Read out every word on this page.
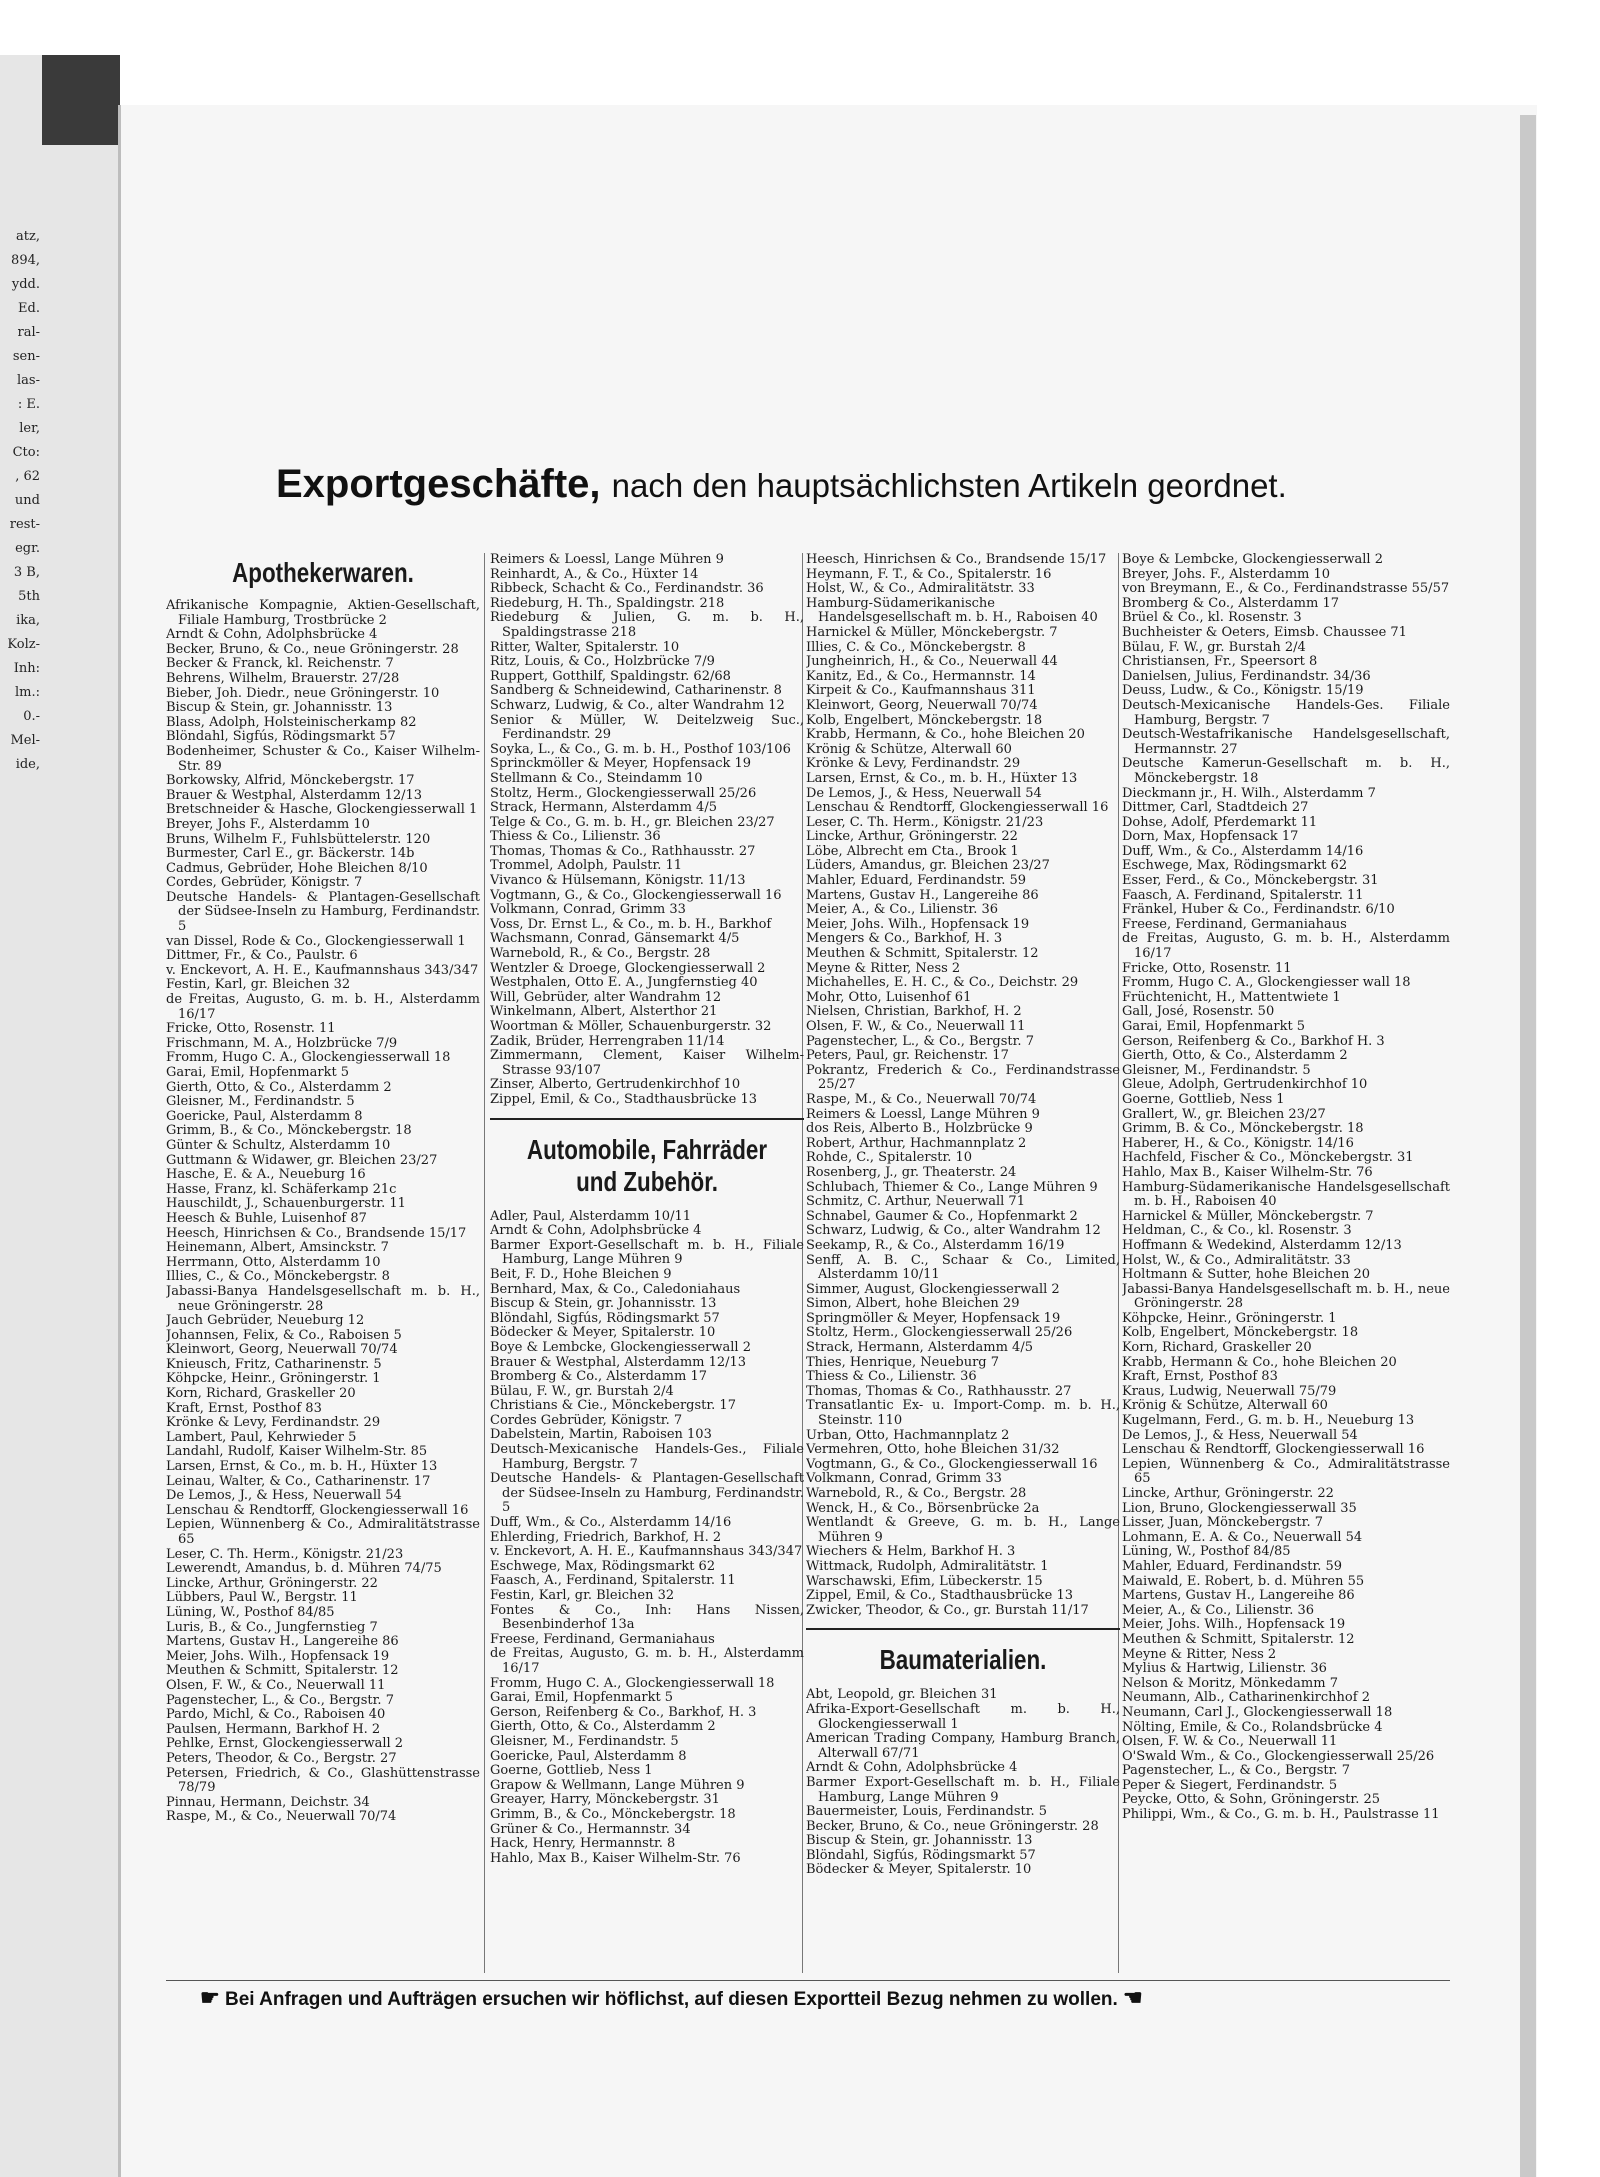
atz,
894,
ydd.
Ed.
ral-
sen-
las-
: E.
ler,
Cto:
, 62
und
rest-
egr.
3 B,
5th
ika,
Kolz-
Inh:
lm.:
0.-
Mel-
ide,
Exportgeschäfte, nach den hauptsächlichsten Artikeln geordnet.
Apothekerwaren.
Afrikanische Kompagnie, Aktien-Gesellschaft, Filiale Hamburg, Trostbrücke 2
Arndt & Cohn, Adolphsbrücke 4
Becker, Bruno, & Co., neue Gröningerstr. 28
Becker & Franck, kl. Reichenstr. 7
Behrens, Wilhelm, Brauerstr. 27/28
Bieber, Joh. Diedr., neue Gröningerstr. 10
Biscup & Stein, gr. Johannisstr. 13
Blass, Adolph, Holsteinischerkamp 82
Blöndahl, Sigfús, Rödingsmarkt 57
Bodenheimer, Schuster & Co., Kaiser Wilhelm-Str. 89
Borkowsky, Alfrid, Mönckebergstr. 17
Brauer & Westphal, Alsterdamm 12/13
Bretschneider & Hasche, Glockengiesserwall 1
Breyer, Johs F., Alsterdamm 10
Bruns, Wilhelm F., Fuhlsbüttelerstr. 120
Burmester, Carl E., gr. Bäckerstr. 14b
Cadmus, Gebrüder, Hohe Bleichen 8/10
Cordes, Gebrüder, Königstr. 7
Deutsche Handels- & Plantagen-Gesellschaft der Südsee-Inseln zu Hamburg, Ferdinandstr. 5
van Dissel, Rode & Co., Glockengiesserwall 1
Dittmer, Fr., & Co., Paulstr. 6
v. Enckevort, A. H. E., Kaufmannshaus 343/347
Festin, Karl, gr. Bleichen 32
de Freitas, Augusto, G. m. b. H., Alsterdamm 16/17
Fricke, Otto, Rosenstr. 11
Frischmann, M. A., Holzbrücke 7/9
Fromm, Hugo C. A., Glockengiesserwall 18
Garai, Emil, Hopfenmarkt 5
Gierth, Otto, & Co., Alsterdamm 2
Gleisner, M., Ferdinandstr. 5
Goericke, Paul, Alsterdamm 8
Grimm, B., & Co., Mönckebergstr. 18
Günter & Schultz, Alsterdamm 10
Guttmann & Widawer, gr. Bleichen 23/27
Hasche, E. & A., Neueburg 16
Hasse, Franz, kl. Schäferkamp 21c
Hauschildt, J., Schauenburgerstr. 11
Heesch & Buhle, Luisenhof 87
Heesch, Hinrichsen & Co., Brandsende 15/17
Heinemann, Albert, Amsinckstr. 7
Herrmann, Otto, Alsterdamm 10
Illies, C., & Co., Mönckebergstr. 8
Jabassi-Banya Handelsgesellschaft m. b. H., neue Gröningerstr. 28
Jauch Gebrüder, Neueburg 12
Johannsen, Felix, & Co., Raboisen 5
Kleinwort, Georg, Neuerwall 70/74
Knieusch, Fritz, Catharinenstr. 5
Köhpcke, Heinr., Gröningerstr. 1
Korn, Richard, Graskeller 20
Kraft, Ernst, Posthof 83
Krönke & Levy, Ferdinandstr. 29
Lambert, Paul, Kehrwieder 5
Landahl, Rudolf, Kaiser Wilhelm-Str. 85
Larsen, Ernst, & Co., m. b. H., Hüxter 13
Leinau, Walter, & Co., Catharinenstr. 17
De Lemos, J., & Hess, Neuerwall 54
Lenschau & Rendtorff, Glockengiesserwall 16
Lepien, Wünnenberg & Co., Admiralitätstrasse 65
Leser, C. Th. Herm., Königstr. 21/23
Lewerendt, Amandus, b. d. Mühren 74/75
Lincke, Arthur, Gröningerstr. 22
Lübbers, Paul W., Bergstr. 11
Lüning, W., Posthof 84/85
Luris, B., & Co., Jungfernstieg 7
Martens, Gustav H., Langereihe 86
Meier, Johs. Wilh., Hopfensack 19
Meuthen & Schmitt, Spitalerstr. 12
Olsen, F. W., & Co., Neuerwall 11
Pagenstecher, L., & Co., Bergstr. 7
Pardo, Michl, & Co., Raboisen 40
Paulsen, Hermann, Barkhof H. 2
Pehlke, Ernst, Glockengiesserwall 2
Peters, Theodor, & Co., Bergstr. 27
Petersen, Friedrich, & Co., Glashüttenstrasse 78/79
Pinnau, Hermann, Deichstr. 34
Raspe, M., & Co., Neuerwall 70/74
Reimers & Loessl, Lange Mühren 9
Reinhardt, A., & Co., Hüxter 14
Ribbeck, Schacht & Co., Ferdinandstr. 36
Riedeburg, H. Th., Spaldingstr. 218
Riedeburg & Julien, G. m. b. H., Spaldingstrasse 218
Ritter, Walter, Spitalerstr. 10
Ritz, Louis, & Co., Holzbrücke 7/9
Ruppert, Gotthilf, Spaldingstr. 62/68
Sandberg & Schneidewind, Catharinenstr. 8
Schwarz, Ludwig, & Co., alter Wandrahm 12
Senior & Müller, W. Deitelzweig Suc., Ferdinandstr. 29
Soyka, L., & Co., G. m. b. H., Posthof 103/106
Sprinckmöller & Meyer, Hopfensack 19
Stellmann & Co., Steindamm 10
Stoltz, Herm., Glockengiesserwall 25/26
Strack, Hermann, Alsterdamm 4/5
Telge & Co., G. m. b. H., gr. Bleichen 23/27
Thiess & Co., Lilienstr. 36
Thomas, Thomas & Co., Rathhausstr. 27
Trommel, Adolph, Paulstr. 11
Vivanco & Hülsemann, Königstr. 11/13
Vogtmann, G., & Co., Glockengiesserwall 16
Volkmann, Conrad, Grimm 33
Voss, Dr. Ernst L., & Co., m. b. H., Barkhof
Wachsmann, Conrad, Gänsemarkt 4/5
Warnebold, R., & Co., Bergstr. 28
Wentzler & Droege, Glockengiesserwall 2
Westphalen, Otto E. A., Jungfernstieg 40
Will, Gebrüder, alter Wandrahm 12
Winkelmann, Albert, Alsterthor 21
Woortman & Möller, Schauenburgerstr. 32
Zadik, Brüder, Herrengraben 11/14
Zimmermann, Clement, Kaiser Wilhelm-Strasse 93/107
Zinser, Alberto, Gertrudenkirchhof 10
Zippel, Emil, & Co., Stadthausbrücke 13
Automobile, Fahrräder
und Zubehör.
Adler, Paul, Alsterdamm 10/11
Arndt & Cohn, Adolphsbrücke 4
Barmer Export-Gesellschaft m. b. H., Filiale Hamburg, Lange Mühren 9
Beit, F. D., Hohe Bleichen 9
Bernhard, Max, & Co., Caledoniahaus
Biscup & Stein, gr. Johannisstr. 13
Blöndahl, Sigfús, Rödingsmarkt 57
Bödecker & Meyer, Spitalerstr. 10
Boye & Lembcke, Glockengiesserwall 2
Brauer & Westphal, Alsterdamm 12/13
Bromberg & Co., Alsterdamm 17
Bülau, F. W., gr. Burstah 2/4
Christians & Cie., Mönckebergstr. 17
Cordes Gebrüder, Königstr. 7
Dabelstein, Martin, Raboisen 103
Deutsch-Mexicanische Handels-Ges., Filiale Hamburg, Bergstr. 7
Deutsche Handels- & Plantagen-Gesellschaft der Südsee-Inseln zu Hamburg, Ferdinandstr. 5
Duff, Wm., & Co., Alsterdamm 14/16
Ehlerding, Friedrich, Barkhof, H. 2
v. Enckevort, A. H. E., Kaufmannshaus 343/347
Eschwege, Max, Rödingsmarkt 62
Faasch, A., Ferdinand, Spitalerstr. 11
Festin, Karl, gr. Bleichen 32
Fontes & Co., Inh: Hans Nissen, Besenbinderhof 13a
Freese, Ferdinand, Germaniahaus
de Freitas, Augusto, G. m. b. H., Alsterdamm 16/17
Fromm, Hugo C. A., Glockengiesserwall 18
Garai, Emil, Hopfenmarkt 5
Gerson, Reifenberg & Co., Barkhof, H. 3
Gierth, Otto, & Co., Alsterdamm 2
Gleisner, M., Ferdinandstr. 5
Goericke, Paul, Alsterdamm 8
Goerne, Gottlieb, Ness 1
Grapow & Wellmann, Lange Mühren 9
Greayer, Harry, Mönckebergstr. 31
Grimm, B., & Co., Mönckebergstr. 18
Grüner & Co., Hermannstr. 34
Hack, Henry, Hermannstr. 8
Hahlo, Max B., Kaiser Wilhelm-Str. 76
Heesch, Hinrichsen & Co., Brandsende 15/17
Heymann, F. T., & Co., Spitalerstr. 16
Holst, W., & Co., Admiralitätstr. 33
Hamburg-Südamerikanische Handelsgesellschaft m. b. H., Raboisen 40
Harnickel & Müller, Mönckebergstr. 7
Illies, C. & Co., Mönckebergstr. 8
Jungheinrich, H., & Co., Neuerwall 44
Kanitz, Ed., & Co., Hermannstr. 14
Kirpeit & Co., Kaufmannshaus 311
Kleinwort, Georg, Neuerwall 70/74
Kolb, Engelbert, Mönckebergstr. 18
Krabb, Hermann, & Co., hohe Bleichen 20
Krönig & Schütze, Alterwall 60
Krönke & Levy, Ferdinandstr. 29
Larsen, Ernst, & Co., m. b. H., Hüxter 13
De Lemos, J., & Hess, Neuerwall 54
Lenschau & Rendtorff, Glockengiesserwall 16
Leser, C. Th. Herm., Königstr. 21/23
Lincke, Arthur, Gröningerstr. 22
Löbe, Albrecht em Cta., Brook 1
Lüders, Amandus, gr. Bleichen 23/27
Mahler, Eduard, Ferdinandstr. 59
Martens, Gustav H., Langereihe 86
Meier, A., & Co., Lilienstr. 36
Meier, Johs. Wilh., Hopfensack 19
Mengers & Co., Barkhof, H. 3
Meuthen & Schmitt, Spitalerstr. 12
Meyne & Ritter, Ness 2
Michahelles, E. H. C., & Co., Deichstr. 29
Mohr, Otto, Luisenhof 61
Nielsen, Christian, Barkhof, H. 2
Olsen, F. W., & Co., Neuerwall 11
Pagenstecher, L., & Co., Bergstr. 7
Peters, Paul, gr. Reichenstr. 17
Pokrantz, Frederich & Co., Ferdinandstrasse 25/27
Raspe, M., & Co., Neuerwall 70/74
Reimers & Loessl, Lange Mühren 9
dos Reis, Alberto B., Holzbrücke 9
Robert, Arthur, Hachmannplatz 2
Rohde, C., Spitalerstr. 10
Rosenberg, J., gr. Theaterstr. 24
Schlubach, Thiemer & Co., Lange Mühren 9
Schmitz, C. Arthur, Neuerwall 71
Schnabel, Gaumer & Co., Hopfenmarkt 2
Schwarz, Ludwig, & Co., alter Wandrahm 12
Seekamp, R., & Co., Alsterdamm 16/19
Senff, A. B. C., Schaar & Co., Limited, Alsterdamm 10/11
Simmer, August, Glockengiesserwall 2
Simon, Albert, hohe Bleichen 29
Springmöller & Meyer, Hopfensack 19
Stoltz, Herm., Glockengiesserwall 25/26
Strack, Hermann, Alsterdamm 4/5
Thies, Henrique, Neueburg 7
Thiess & Co., Lilienstr. 36
Thomas, Thomas & Co., Rathhausstr. 27
Transatlantic Ex- u. Import-Comp. m. b. H., Steinstr. 110
Urban, Otto, Hachmannplatz 2
Vermehren, Otto, hohe Bleichen 31/32
Vogtmann, G., & Co., Glockengiesserwall 16
Volkmann, Conrad, Grimm 33
Warnebold, R., & Co., Bergstr. 28
Wenck, H., & Co., Börsenbrücke 2a
Wentlandt & Greeve, G. m. b. H., Lange Mühren 9
Wiechers & Helm, Barkhof H. 3
Wittmack, Rudolph, Admiralitätstr. 1
Warschawski, Efim, Lübeckerstr. 15
Zippel, Emil, & Co., Stadthausbrücke 13
Zwicker, Theodor, & Co., gr. Burstah 11/17
Baumaterialien.
Abt, Leopold, gr. Bleichen 31
Afrika-Export-Gesellschaft m. b. H., Glockengiesserwall 1
American Trading Company, Hamburg Branch, Alterwall 67/71
Arndt & Cohn, Adolphsbrücke 4
Barmer Export-Gesellschaft m. b. H., Filiale Hamburg, Lange Mühren 9
Bauermeister, Louis, Ferdinandstr. 5
Becker, Bruno, & Co., neue Gröningerstr. 28
Biscup & Stein, gr. Johannisstr. 13
Blöndahl, Sigfús, Rödingsmarkt 57
Bödecker & Meyer, Spitalerstr. 10
Boye & Lembcke, Glockengiesserwall 2
Breyer, Johs. F., Alsterdamm 10
von Breymann, E., & Co., Ferdinandstrasse 55/57
Bromberg & Co., Alsterdamm 17
Brüel & Co., kl. Rosenstr. 3
Buchheister & Oeters, Eimsb. Chaussee 71
Bülau, F. W., gr. Burstah 2/4
Christiansen, Fr., Speersort 8
Danielsen, Julius, Ferdinandstr. 34/36
Deuss, Ludw., & Co., Königstr. 15/19
Deutsch-Mexicanische Handels-Ges. Filiale Hamburg, Bergstr. 7
Deutsch-Westafrikanische Handelsgesellschaft, Hermannstr. 27
Deutsche Kamerun-Gesellschaft m. b. H., Mönckebergstr. 18
Dieckmann jr., H. Wilh., Alsterdamm 7
Dittmer, Carl, Stadtdeich 27
Dohse, Adolf, Pferdemarkt 11
Dorn, Max, Hopfensack 17
Duff, Wm., & Co., Alsterdamm 14/16
Eschwege, Max, Rödingsmarkt 62
Esser, Ferd., & Co., Mönckebergstr. 31
Faasch, A. Ferdinand, Spitalerstr. 11
Fränkel, Huber & Co., Ferdinandstr. 6/10
Freese, Ferdinand, Germaniahaus
de Freitas, Augusto, G. m. b. H., Alsterdamm 16/17
Fricke, Otto, Rosenstr. 11
Fromm, Hugo C. A., Glockengiesser wall 18
Früchtenicht, H., Mattentwiete 1
Gall, José, Rosenstr. 50
Garai, Emil, Hopfenmarkt 5
Gerson, Reifenberg & Co., Barkhof H. 3
Gierth, Otto, & Co., Alsterdamm 2
Gleisner, M., Ferdinandstr. 5
Gleue, Adolph, Gertrudenkirchhof 10
Goerne, Gottlieb, Ness 1
Grallert, W., gr. Bleichen 23/27
Grimm, B. & Co., Mönckebergstr. 18
Haberer, H., & Co., Königstr. 14/16
Hachfeld, Fischer & Co., Mönckebergstr. 31
Hahlo, Max B., Kaiser Wilhelm-Str. 76
Hamburg-Südamerikanische Handelsgesellschaft m. b. H., Raboisen 40
Harnickel & Müller, Mönckebergstr. 7
Heldman, C., & Co., kl. Rosenstr. 3
Hoffmann & Wedekind, Alsterdamm 12/13
Holst, W., & Co., Admiralitätstr. 33
Holtmann & Sutter, hohe Bleichen 20
Jabassi-Banya Handelsgesellschaft m. b. H., neue Gröningerstr. 28
Köhpcke, Heinr., Gröningerstr. 1
Kolb, Engelbert, Mönckebergstr. 18
Korn, Richard, Graskeller 20
Krabb, Hermann & Co., hohe Bleichen 20
Kraft, Ernst, Posthof 83
Kraus, Ludwig, Neuerwall 75/79
Krönig & Schütze, Alterwall 60
Kugelmann, Ferd., G. m. b. H., Neueburg 13
De Lemos, J., & Hess, Neuerwall 54
Lenschau & Rendtorff, Glockengiesserwall 16
Lepien, Wünnenberg & Co., Admiralitätstrasse 65
Lincke, Arthur, Gröningerstr. 22
Lion, Bruno, Glockengiesserwall 35
Lisser, Juan, Mönckebergstr. 7
Lohmann, E. A. & Co., Neuerwall 54
Lüning, W., Posthof 84/85
Mahler, Eduard, Ferdinandstr. 59
Maiwald, E. Robert, b. d. Mühren 55
Martens, Gustav H., Langereihe 86
Meier, A., & Co., Lilienstr. 36
Meier, Johs. Wilh., Hopfensack 19
Meuthen & Schmitt, Spitalerstr. 12
Meyne & Ritter, Ness 2
Mylius & Hartwig, Lilienstr. 36
Nelson & Moritz, Mönkedamm 7
Neumann, Alb., Catharinenkirchhof 2
Neumann, Carl J., Glockengiesserwall 18
Nölting, Emile, & Co., Rolandsbrücke 4
Olsen, F. W. & Co., Neuerwall 11
O'Swald Wm., & Co., Glockengiesserwall 25/26
Pagenstecher, L., & Co., Bergstr. 7
Peper & Siegert, Ferdinandstr. 5
Peycke, Otto, & Sohn, Gröningerstr. 25
Philippi, Wm., & Co., G. m. b. H., Paulstrasse 11
☛ Bei Anfragen und Aufträgen ersuchen wir höflichst, auf diesen Exportteil Bezug nehmen zu wollen. ☚
